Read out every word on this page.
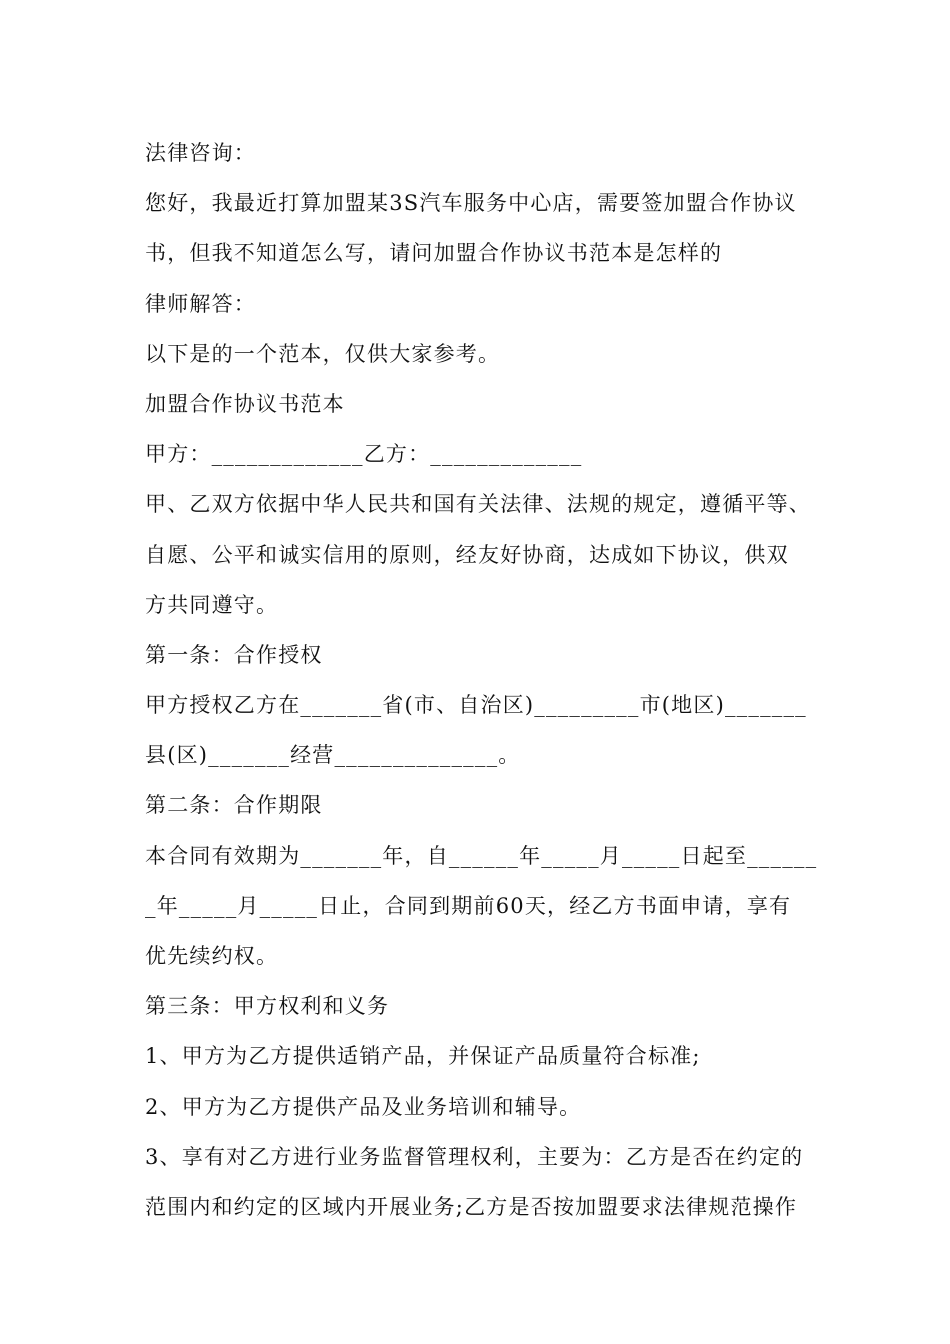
法律咨询：
您好，我最近打算加盟某3S汽车服务中心店，需要签加盟合作协议
书，但我不知道怎么写，请问加盟合作协议书范本是怎样的
律师解答：
以下是的一个范本，仅供大家参考。
加盟合作协议书范本
甲方：_____________乙方：_____________
甲、乙双方依据中华人民共和国有关法律、法规的规定，遵循平等、
自愿、公平和诚实信用的原则，经友好协商，达成如下协议，供双
方共同遵守。
第一条：合作授权
甲方授权乙方在_______省(市、自治区)_________市(地区)_______
县(区)_______经营______________。
第二条：合作期限
本合同有效期为_______年，自______年_____月_____日起至______
_年_____月_____日止，合同到期前60天，经乙方书面申请，享有
优先续约权。
第三条：甲方权利和义务
1、甲方为乙方提供适销产品，并保证产品质量符合标准;
2、甲方为乙方提供产品及业务培训和辅导。
3、享有对乙方进行业务监督管理权利，主要为：乙方是否在约定的
范围内和约定的区域内开展业务;乙方是否按加盟要求法律规范操作
